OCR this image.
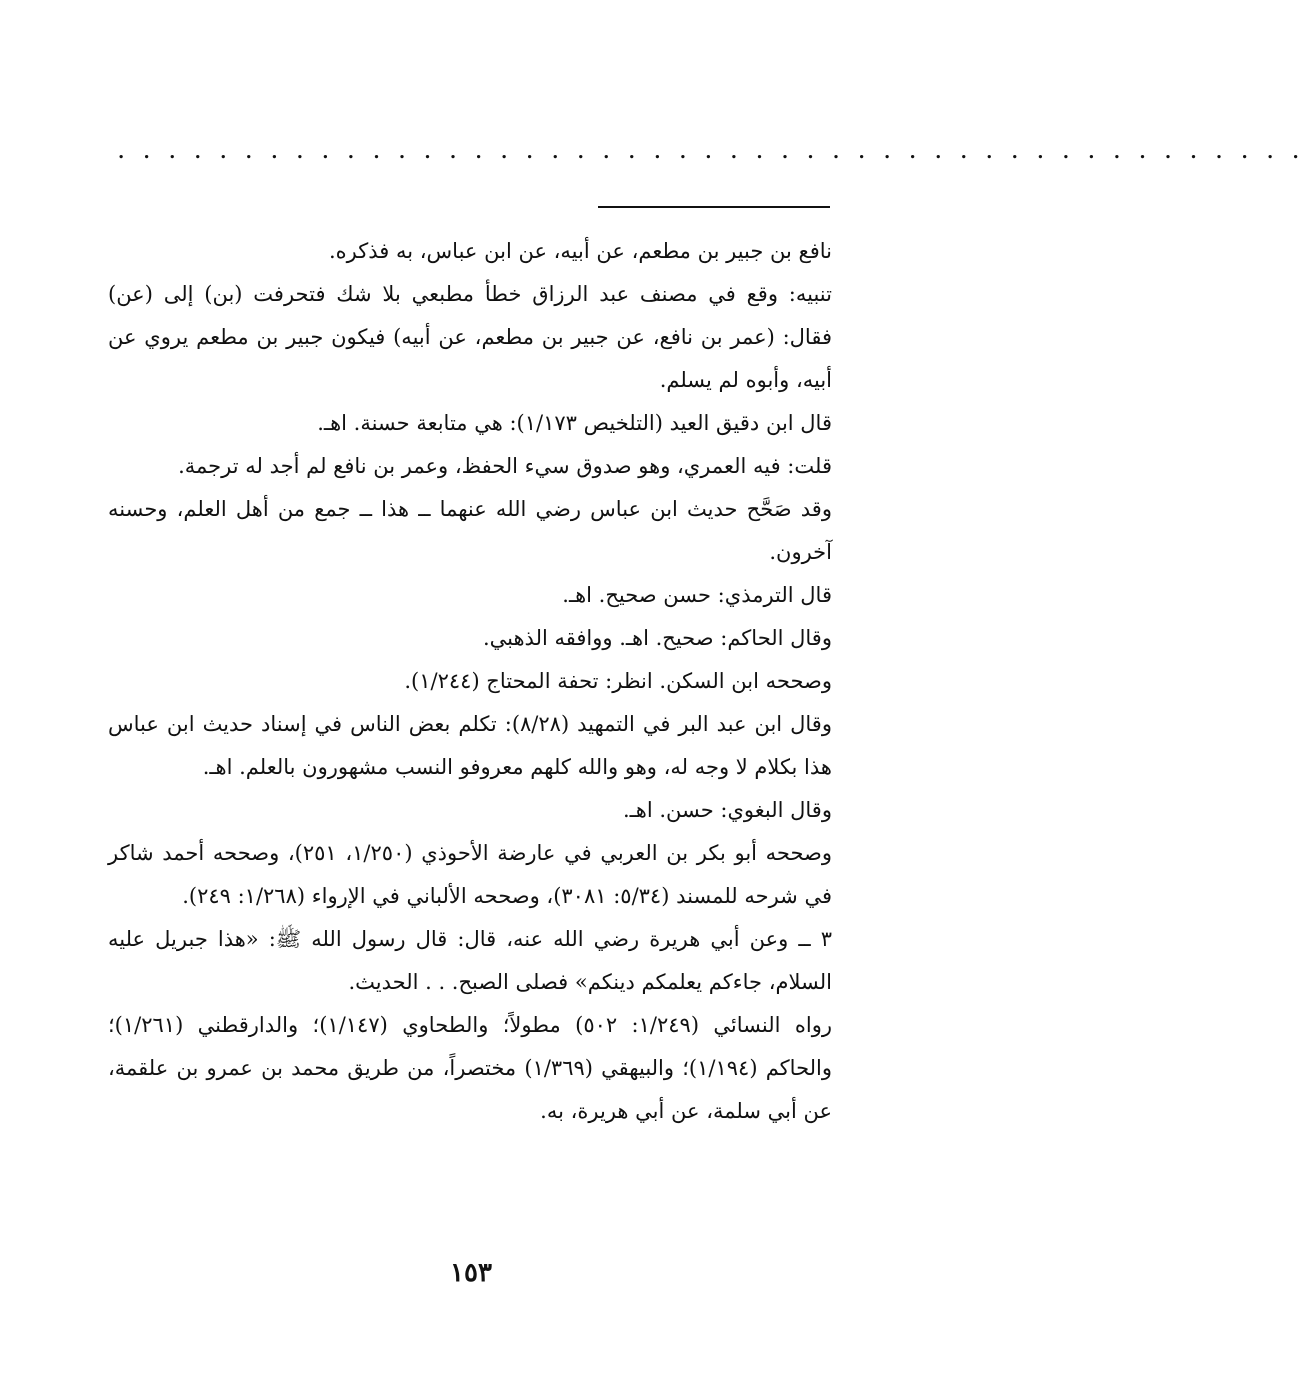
. . . . . . . . . . . . . . . . . . . . . . . . . . . . . . . . . . . . . . . . . . . . . . .

نافع بن جبير بن مطعم، عن أبيه، عن ابن عباس، به فذكره.

تنبيه: وقع في مصنف عبد الرزاق خطأ مطبعي بلا شك فتحرفت (بن) إلى (عن) فقال: (عمر بن نافع، عن جبير بن مطعم، عن أبيه) فيكون جبير بن مطعم يروي عن أبيه، وأبوه لم يسلم.

قال ابن دقيق العيد (التلخيص ١/١٧٣): هي متابعة حسنة. اهـ.

قلت: فيه العمري، وهو صدوق سيء الحفظ، وعمر بن نافع لم أجد له ترجمة.

وقد صَحَّح حديث ابن عباس رضي الله عنهما ــ هذا ــ جمع من أهل العلم، وحسنه آخرون.

قال الترمذي: حسن صحيح. اهـ.

وقال الحاكم: صحيح. اهـ. ووافقه الذهبي.

وصححه ابن السكن. انظر: تحفة المحتاج (١/٢٤٤).

وقال ابن عبد البر في التمهيد (٨/٢٨): تكلم بعض الناس في إسناد حديث ابن عباس هذا بكلام لا وجه له، وهو والله كلهم معروفو النسب مشهورون بالعلم. اهـ.

وقال البغوي: حسن. اهـ.

وصححه أبو بكر بن العربي في عارضة الأحوذي (١/٢٥٠، ٢٥١)، وصححه أحمد شاكر في شرحه للمسند (٥/٣٤: ٣٠٨١)، وصححه الألباني في الإرواء (١/٢٦٨: ٢٤٩).

٣ ــ وعن أبي هريرة رضي الله عنه، قال: قال رسول الله ﷺ: «هذا جبريل عليه السلام، جاءكم يعلمكم دينكم» فصلى الصبح. . . الحديث.

رواه النسائي (١/٢٤٩: ٥٠٢) مطولاً؛ والطحاوي (١/١٤٧)؛ والدارقطني (١/٢٦١)؛ والحاكم (١/١٩٤)؛ والبيهقي (١/٣٦٩) مختصراً، من طريق محمد بن عمرو بن علقمة، عن أبي سلمة، عن أبي هريرة، به.

١٥٣
